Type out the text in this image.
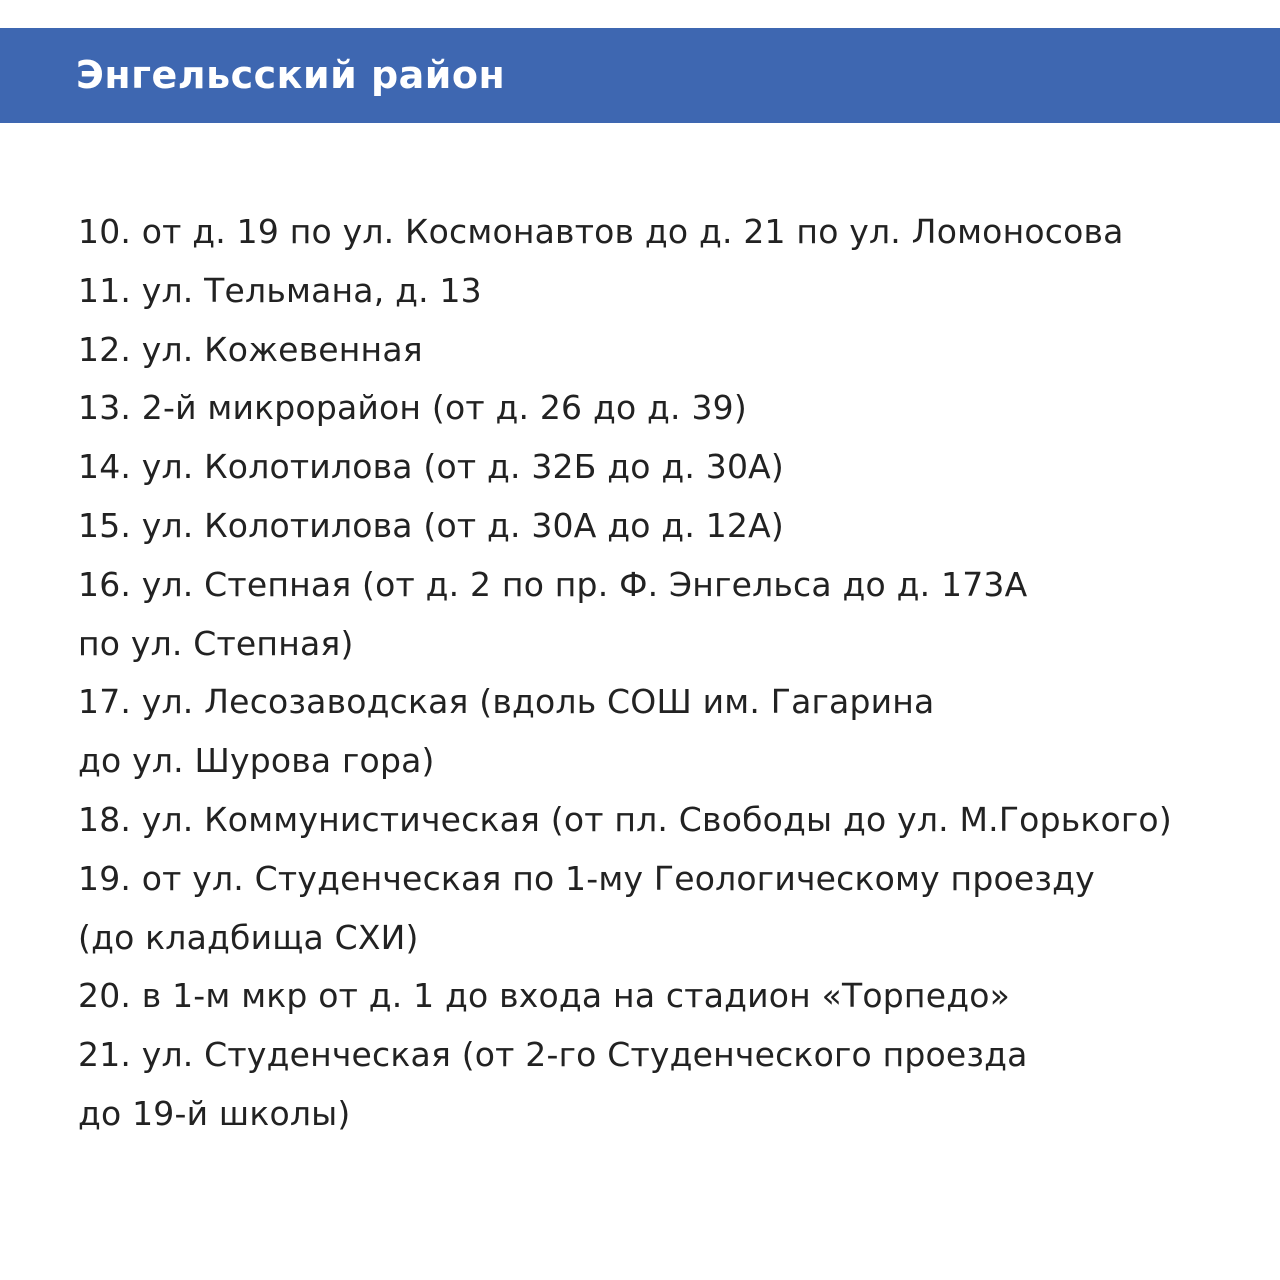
Энгельсский район
10. от д. 19 по ул. Космонавтов до д. 21 по ул. Ломоносова
11. ул. Тельмана, д. 13
12. ул. Кожевенная
13. 2-й микрорайон (от д. 26 до д. 39)
14. ул. Колотилова (от д. 32Б до д. 30А)
15. ул. Колотилова (от д. 30А до д. 12А)
16. ул. Степная (от д. 2 по пр. Ф. Энгельса до д. 173А
по ул. Степная)
17. ул. Лесозаводская (вдоль СОШ им. Гагарина
до ул. Шурова гора)
18. ул. Коммунистическая (от пл. Свободы до ул. М.Горького)
19. от ул. Студенческая по 1-му Геологическому проезду
(до кладбища СХИ)
20. в 1-м мкр от д. 1 до входа на стадион «Торпедо»
21. ул. Студенческая (от 2-го Студенческого проезда
до 19-й школы)
